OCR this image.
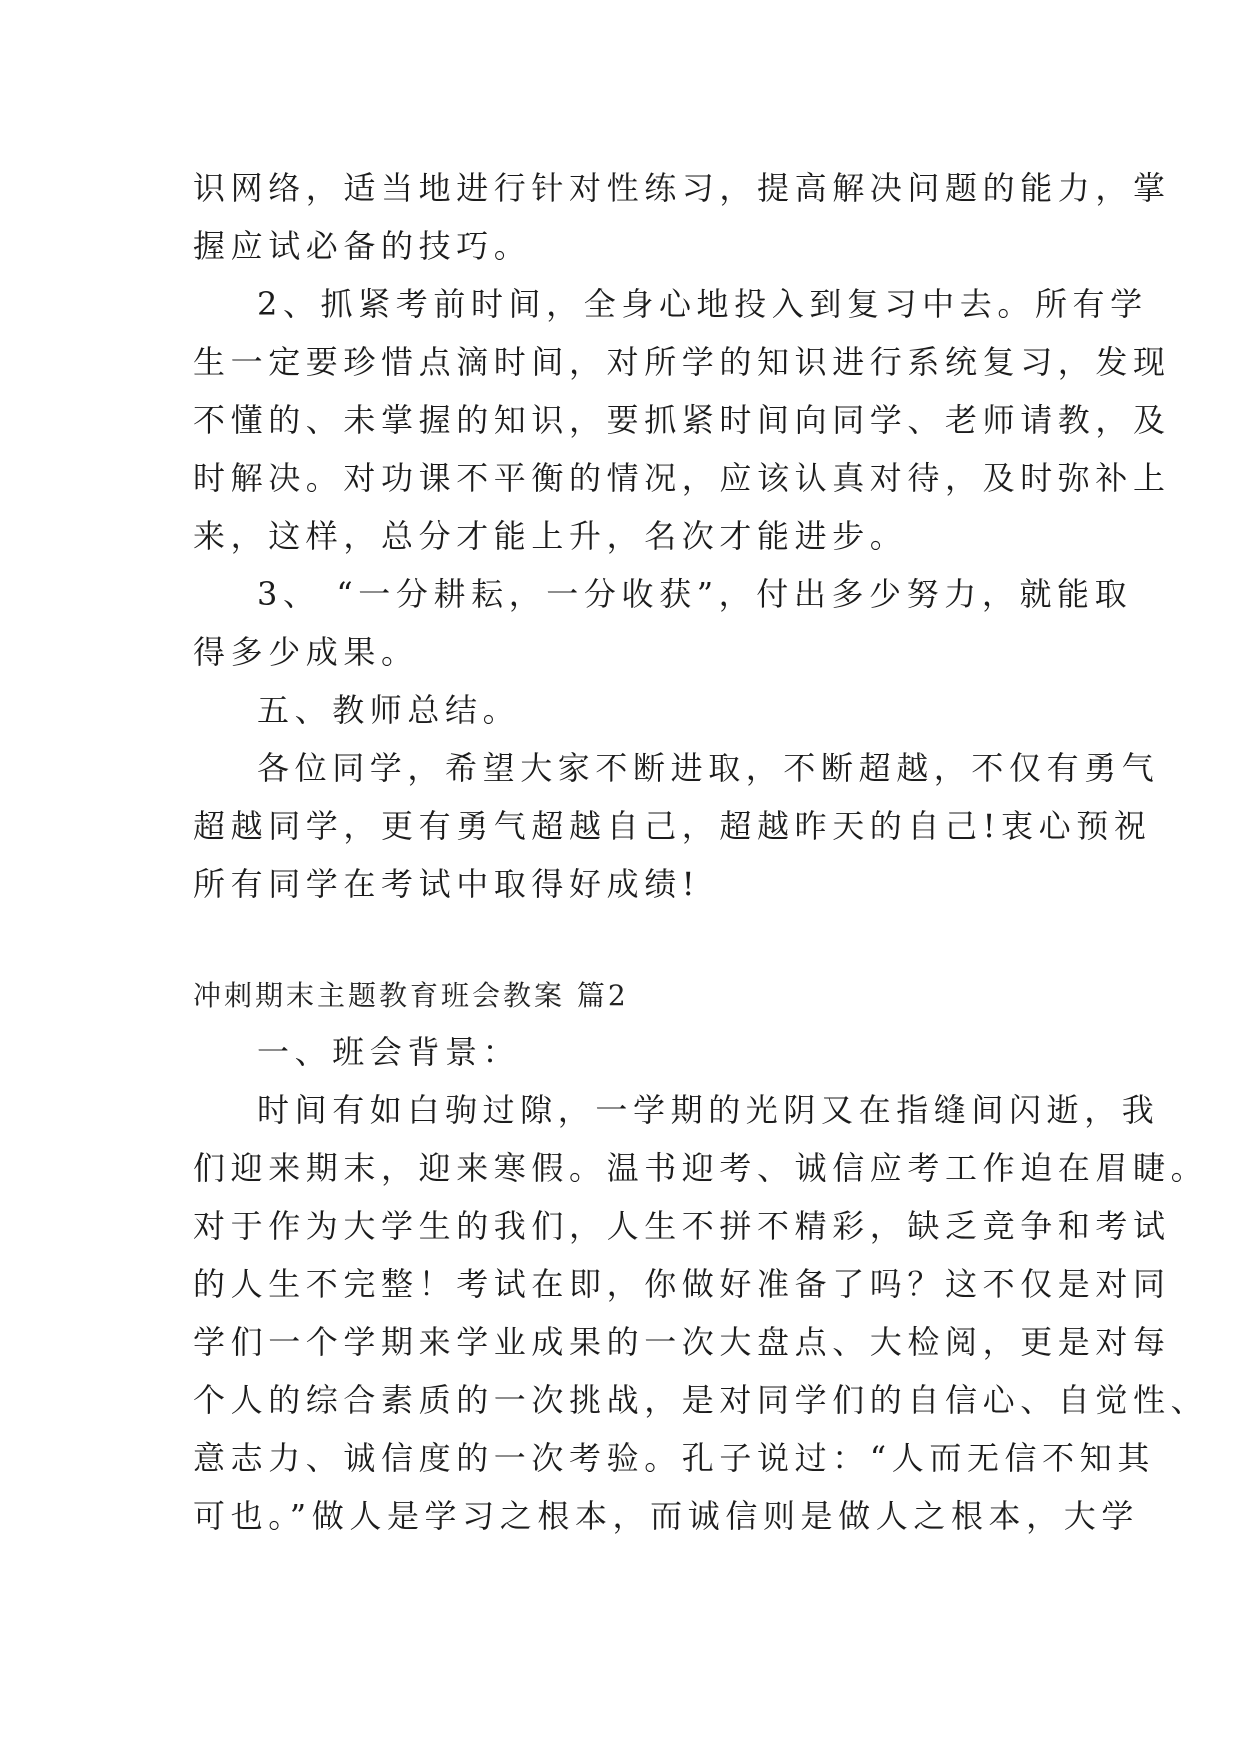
识网络，适当地进行针对性练习，提高解决问题的能力，掌
握应试必备的技巧。
2、抓紧考前时间，全身心地投入到复习中去。所有学
生一定要珍惜点滴时间，对所学的知识进行系统复习，发现
不懂的、未掌握的知识，要抓紧时间向同学、老师请教，及
时解决。对功课不平衡的情况，应该认真对待，及时弥补上
来，这样，总分才能上升，名次才能进步。
3、 “一分耕耘，一分收获”，付出多少努力，就能取
得多少成果。
五、教师总结。
各位同学，希望大家不断进取，不断超越，不仅有勇气
超越同学，更有勇气超越自己，超越昨天的自己!衷心预祝
所有同学在考试中取得好成绩!
冲刺期末主题教育班会教案 篇2
一、班会背景：
时间有如白驹过隙，一学期的光阴又在指缝间闪逝，我
们迎来期末，迎来寒假。温书迎考、诚信应考工作迫在眉睫。
对于作为大学生的我们，人生不拼不精彩，缺乏竞争和考试
的人生不完整！考试在即，你做好准备了吗？这不仅是对同
学们一个学期来学业成果的一次大盘点、大检阅，更是对每
个人的综合素质的一次挑战，是对同学们的自信心、自觉性、
意志力、诚信度的一次考验。孔子说过：“人而无信不知其
可也。”做人是学习之根本，而诚信则是做人之根本，大学
